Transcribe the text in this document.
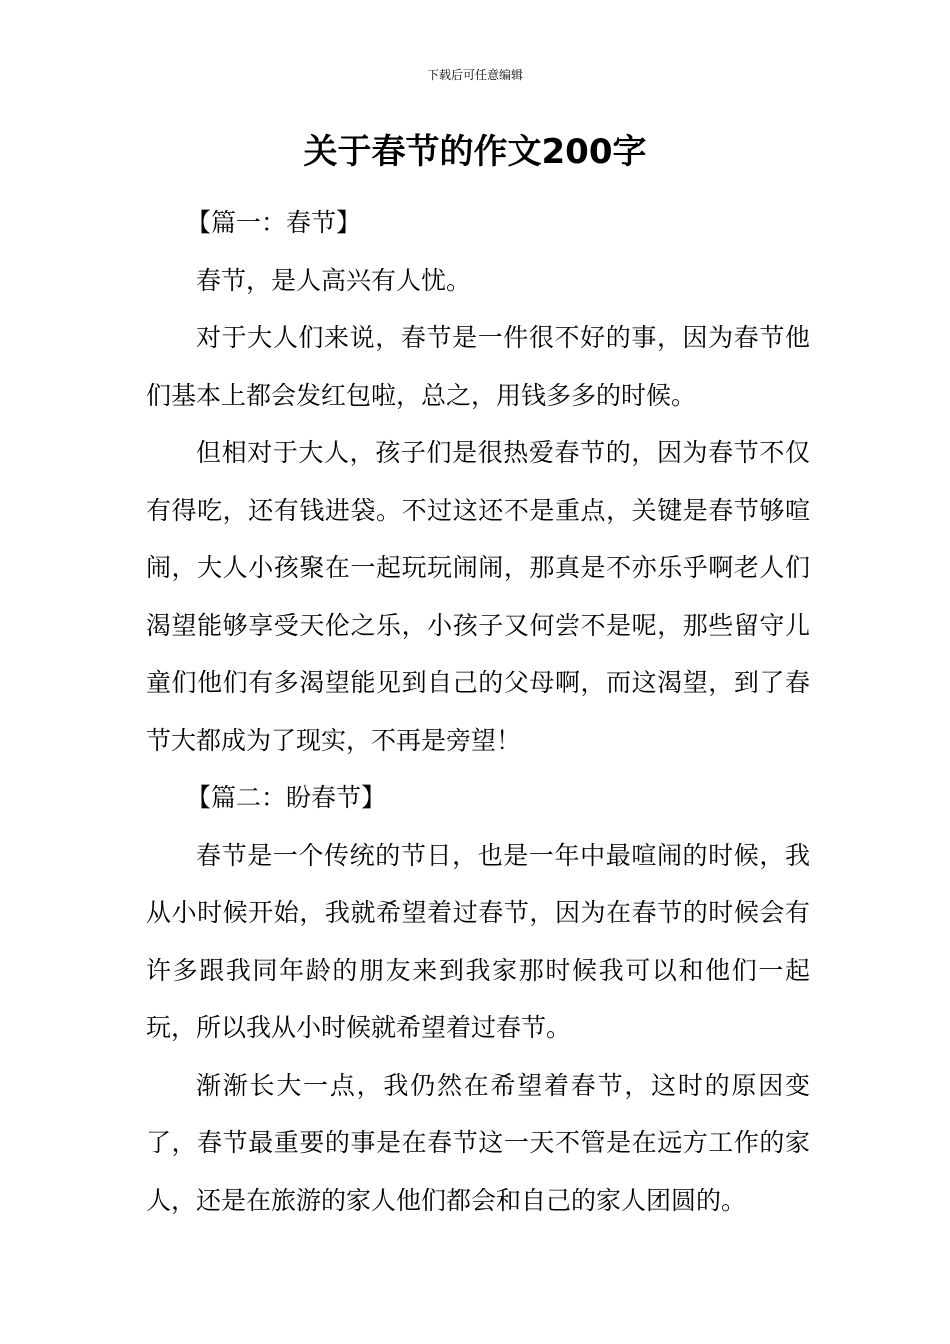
下载后可任意编辑
关于春节的作文200字

【篇一：春节】

春节，是人高兴有人忧。

对于大人们来说，春节是一件很不好的事，因为春节他们基本上都会发红包啦，总之，用钱多多的时候。

但相对于大人，孩子们是很热爱春节的，因为春节不仅有得吃，还有钱进袋。不过这还不是重点，关键是春节够喧闹，大人小孩聚在一起玩玩闹闹，那真是不亦乐乎啊老人们渴望能够享受天伦之乐，小孩子又何尝不是呢，那些留守儿童们他们有多渴望能见到自己的父母啊，而这渴望，到了春节大都成为了现实，不再是旁望！

【篇二：盼春节】

春节是一个传统的节日，也是一年中最喧闹的时候，我从小时候开始，我就希望着过春节，因为在春节的时候会有许多跟我同年龄的朋友来到我家那时候我可以和他们一起玩，所以我从小时候就希望着过春节。

渐渐长大一点，我仍然在希望着春节，这时的原因变了，春节最重要的事是在春节这一天不管是在远方工作的家人，还是在旅游的家人他们都会和自己的家人团圆的。
